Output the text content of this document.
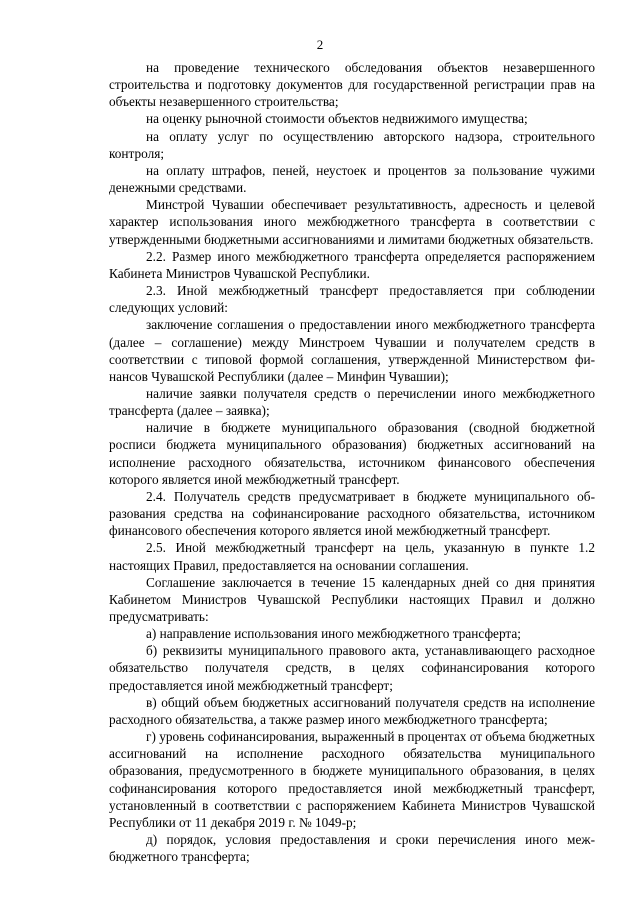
2

на проведение технического обследования объектов незавершенного строительства и подготовку документов для государственной регистрации прав на объекты незавершенного строительства;

на оценку рыночной стоимости объектов недвижимого имущества;

на оплату услуг по осуществлению авторского надзора, строительного контроля;

на оплату штрафов, пеней, неустоек и процентов за пользование чужими денежными средствами.

Минстрой Чувашии обеспечивает результативность, адресность и целевой характер использования иного межбюджетного трансферта в соответствии с утвержденными бюджетными ассигнованиями и лимитами бюджетных обязательств.

2.2. Размер иного межбюджетного трансферта определяется распоряжением Кабинета Министров Чувашской Республики.

2.3. Иной межбюджетный трансферт предоставляется при соблюдении следующих условий:

заключение соглашения о предоставлении иного межбюджетного трансферта (далее – соглашение) между Минстроем Чувашии и получателем средств в соответствии с типовой формой соглашения, утвержденной Министерством финансов Чувашской Республики (далее – Минфин Чувашии);

наличие заявки получателя средств о перечислении иного межбюджетного трансферта (далее – заявка);

наличие в бюджете муниципального образования (сводной бюджетной росписи бюджета муниципального образования) бюджетных ассигнований на исполнение расходного обязательства, источником финансового обеспечения которого является иной межбюджетный трансферт.

2.4. Получатель средств предусматривает в бюджете муниципального образования средства на софинансирование расходного обязательства, источником финансового обеспечения которого является иной межбюджетный трансферт.

2.5. Иной межбюджетный трансферт на цель, указанную в пункте 1.2 настоящих Правил, предоставляется на основании соглашения.

Соглашение заключается в течение 15 календарных дней со дня принятия Кабинетом Министров Чувашской Республики настоящих Правил и должно предусматривать:

а) направление использования иного межбюджетного трансферта;

б) реквизиты муниципального правового акта, устанавливающего расходное обязательство получателя средств, в целях софинансирования которого предоставляется иной межбюджетный трансферт;

в) общий объем бюджетных ассигнований получателя средств на исполнение расходного обязательства, а также размер иного межбюджетного трансферта;

г) уровень софинансирования, выраженный в процентах от объема бюджетных ассигнований на исполнение расходного обязательства муниципального образования, предусмотренного в бюджете муниципального образования, в целях софинансирования которого предоставляется иной межбюджетный трансферт, установленный в соответствии с распоряжением Кабинета Министров Чувашской Республики от 11 декабря 2019 г. № 1049-р;

д) порядок, условия предоставления и сроки перечисления иного межбюджетного трансферта;
